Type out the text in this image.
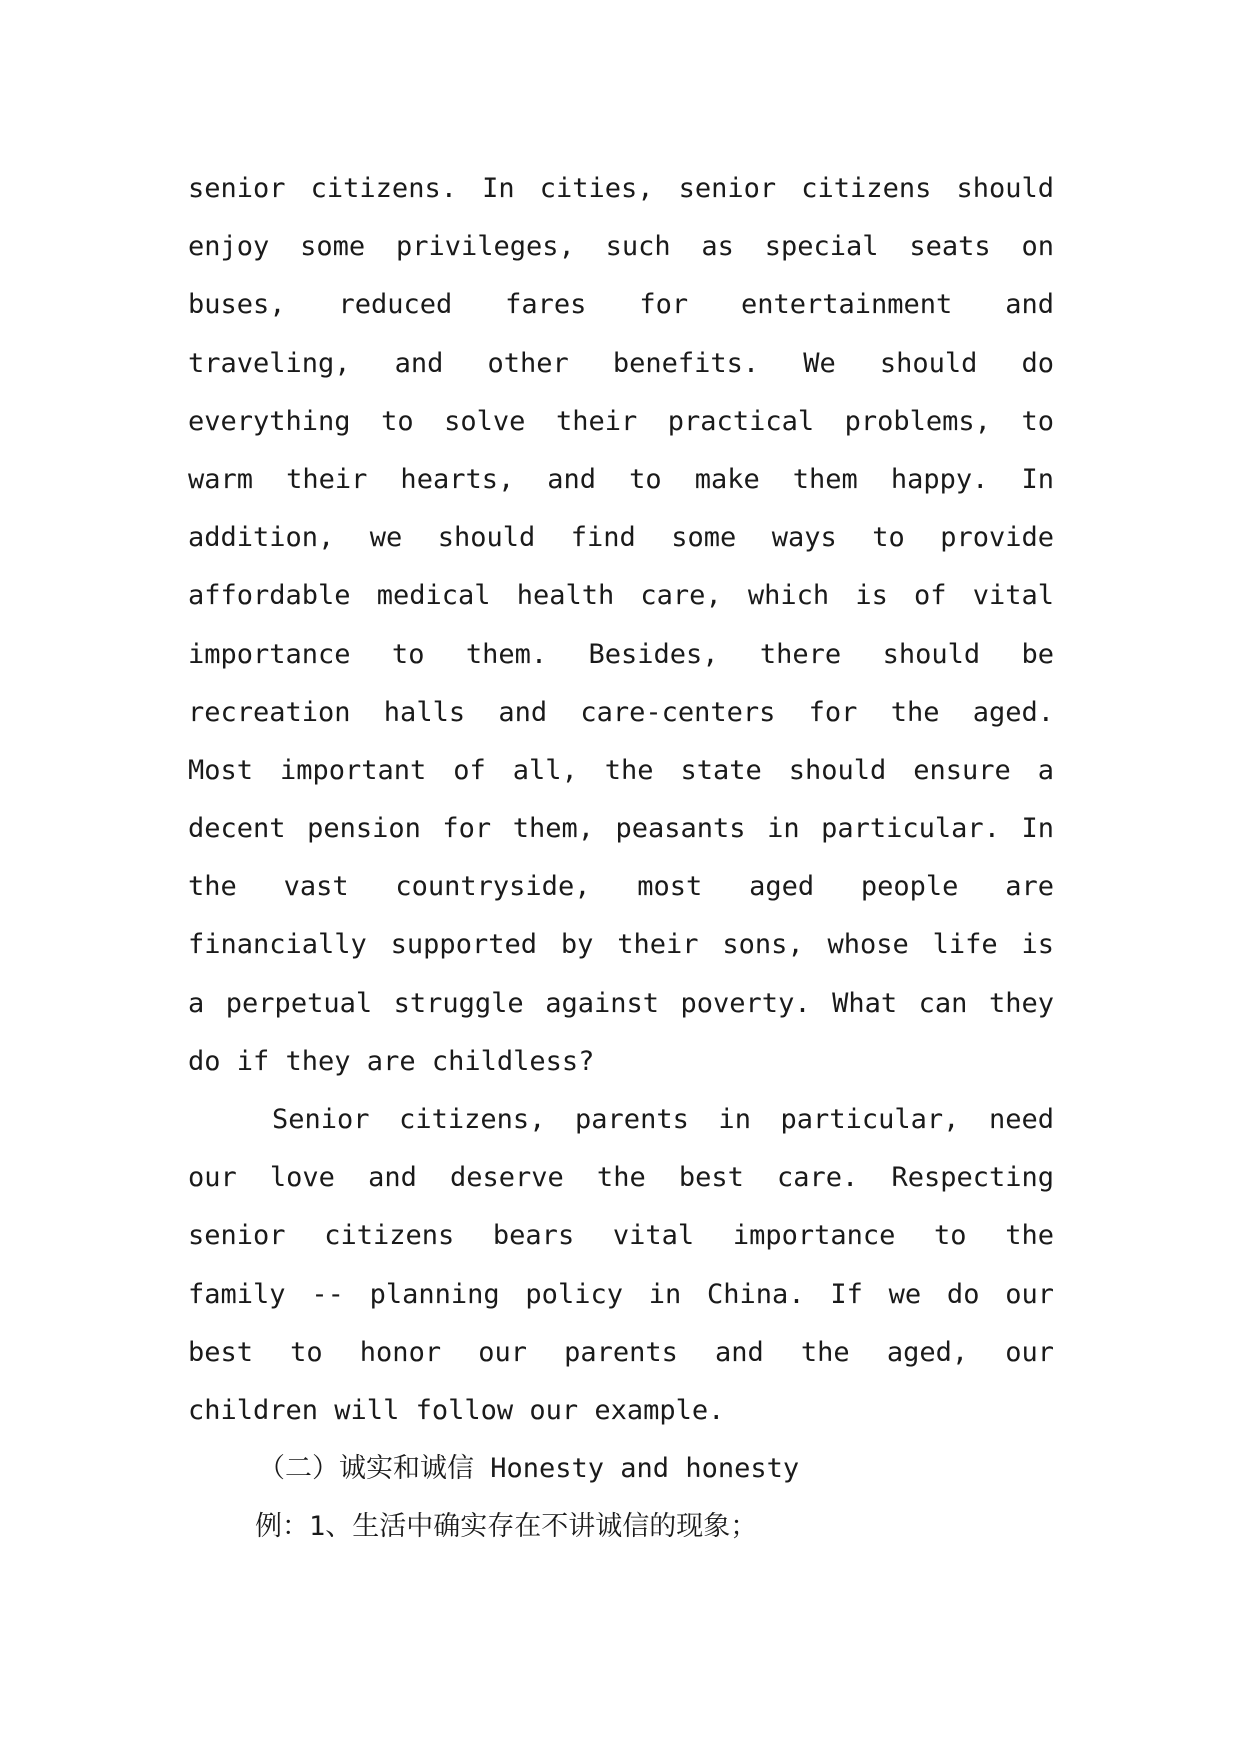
senior citizens. In cities, senior citizens should
enjoy some privileges, such as special seats on
buses, reduced fares for entertainment and
traveling, and other benefits. We should do
everything to solve their practical problems, to
warm their hearts, and to make them happy. In
addition, we should find some ways to provide
affordable medical health care, which is of vital
importance to them. Besides, there should be
recreation halls and care-centers for the aged.
Most important of all, the state should ensure a
decent pension for them, peasants in particular. In
the vast countryside, most aged people are
financially supported by their sons, whose life is
a perpetual struggle against poverty. What can they
do if they are childless?
Senior citizens, parents in particular, need
our love and deserve the best care. Respecting
senior citizens bears vital importance to the
family -- planning policy in China. If we do our
best to honor our parents and the aged, our
children will follow our example.
（二）诚实和诚信 Honesty and honesty
例：1、生活中确实存在不讲诚信的现象；
